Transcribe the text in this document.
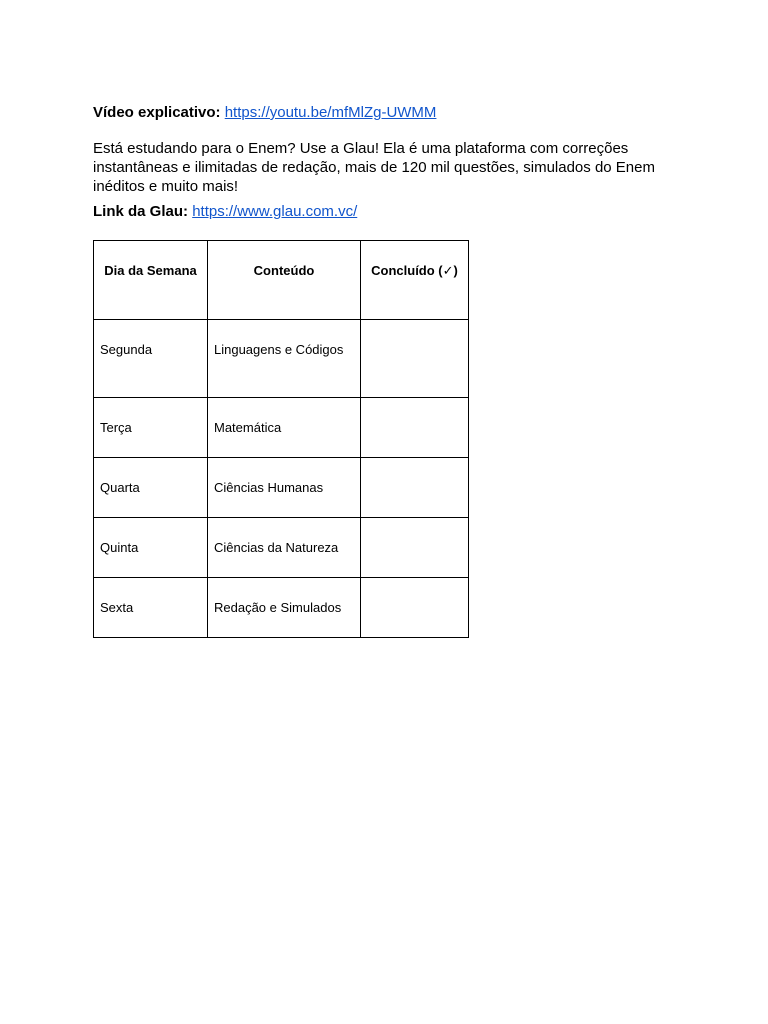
Vídeo explicativo: https://youtu.be/mfMlZg-UWMM
Está estudando para o Enem? Use a Glau! Ela é uma plataforma com correções instantâneas e ilimitadas de redação, mais de 120 mil questões, simulados do Enem inéditos e muito mais!
Link da Glau: https://www.glau.com.vc/
Dia da Semana	Conteúdo	Concluído (✓)
Segunda	Linguagens e Códigos	
Terça	Matemática	
Quarta	Ciências Humanas	
Quinta	Ciências da Natureza	
Sexta	Redação e Simulados	
